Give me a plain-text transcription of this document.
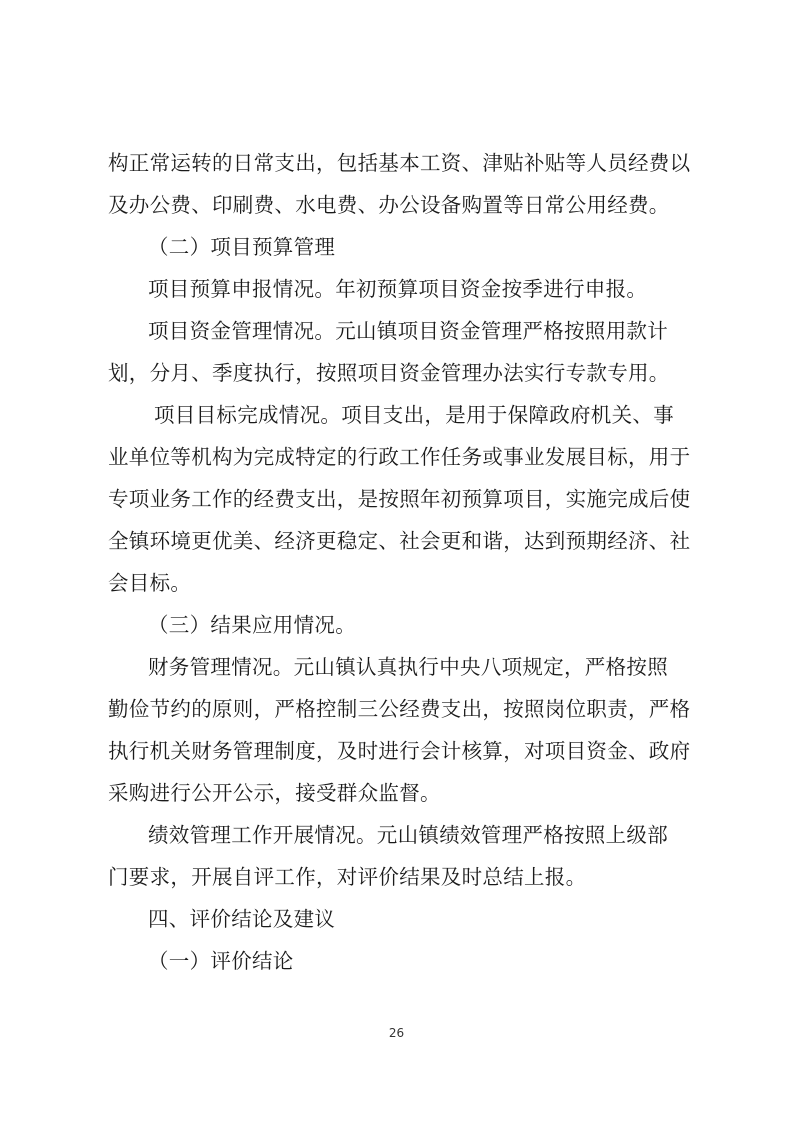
构正常运转的日常支出，包括基本工资、津贴补贴等人员经费以
及办公费、印刷费、水电费、办公设备购置等日常公用经费。
（二）项目预算管理
项目预算申报情况。年初预算项目资金按季进行申报。
项目资金管理情况。元山镇项目资金管理严格按照用款计
划，分月、季度执行，按照项目资金管理办法实行专款专用。
项目目标完成情况。项目支出，是用于保障政府机关、事
业单位等机构为完成特定的行政工作任务或事业发展目标，用于
专项业务工作的经费支出，是按照年初预算项目，实施完成后使
全镇环境更优美、经济更稳定、社会更和谐，达到预期经济、社
会目标。
（三）结果应用情况。
财务管理情况。元山镇认真执行中央八项规定，严格按照
勤俭节约的原则，严格控制三公经费支出，按照岗位职责，严格
执行机关财务管理制度，及时进行会计核算，对项目资金、政府
采购进行公开公示，接受群众监督。
绩效管理工作开展情况。元山镇绩效管理严格按照上级部
门要求，开展自评工作，对评价结果及时总结上报。
四、评价结论及建议
（一）评价结论
26
